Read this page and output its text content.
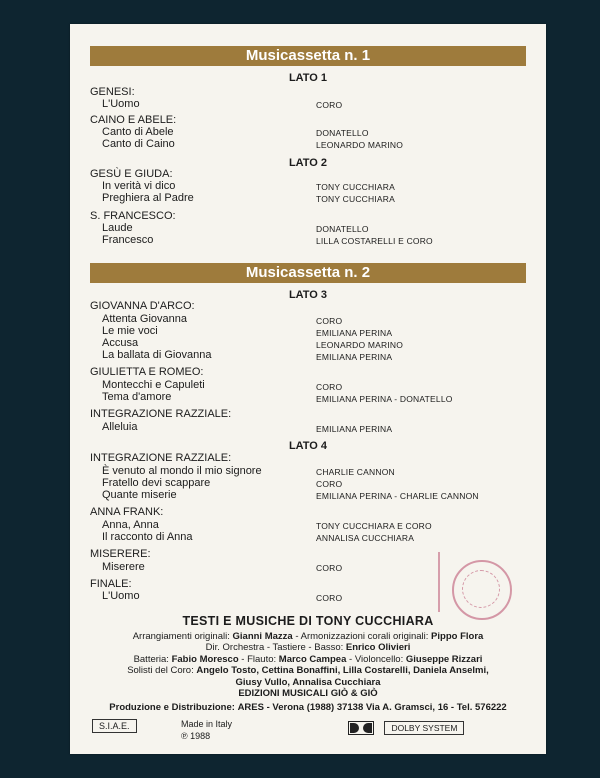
Musicassetta n. 1
LATO 1
GENESI:
L'Uomo	CORO
CAINO E ABELE:
Canto di Abele	DONATELLO
Canto di Caino	LEONARDO MARINO
LATO 2
GESÙ E GIUDA:
In verità vi dico	TONY CUCCHIARA
Preghiera al Padre	TONY CUCCHIARA
S. FRANCESCO:
Laude	DONATELLO
Francesco	LILLA COSTARELLI E CORO
Musicassetta n. 2
LATO 3
GIOVANNA D'ARCO:
Attenta Giovanna	CORO
Le mie voci	EMILIANA PERINA
Accusa	LEONARDO MARINO
La ballata di Giovanna	EMILIANA PERINA
GIULIETTA E ROMEO:
Montecchi e Capuleti	CORO
Tema d'amore	EMILIANA PERINA - DONATELLO
INTEGRAZIONE RAZZIALE:
Alleluia	EMILIANA PERINA
LATO 4
INTEGRAZIONE RAZZIALE:
È venuto al mondo il mio signore	CHARLIE CANNON
Fratello devi scappare	CORO
Quante miserie	EMILIANA PERINA - CHARLIE CANNON
ANNA FRANK:
Anna, Anna	TONY CUCCHIARA E CORO
Il racconto di Anna	ANNALISA CUCCHIARA
MISERERE:
Miserere	CORO
FINALE:
L'Uomo	CORO
TESTI E MUSICHE DI TONY CUCCHIARA
Arrangiamenti originali: Gianni Mazza - Armonizzazioni corali originali: Pippo Flora
Dir. Orchestra - Tastiere - Basso: Enrico Olivieri
Batteria: Fabio Moresco - Flauto: Marco Campea - Violoncello: Giuseppe Rizzari
Solisti del Coro: Angelo Tosto, Cettina Bonaffini, Lilla Costarelli, Daniela Anselmi,
Giusy Vullo, Annalisa Cucchiara
EDIZIONI MUSICALI GIÒ & GIÒ
Produzione e Distribuzione: ARES - Verona (1988) 37138 Via A. Gramsci, 16 - Tel. 576222
S.I.A.E.	Made in Italy
℗ 1988
DOLBY SYSTEM
